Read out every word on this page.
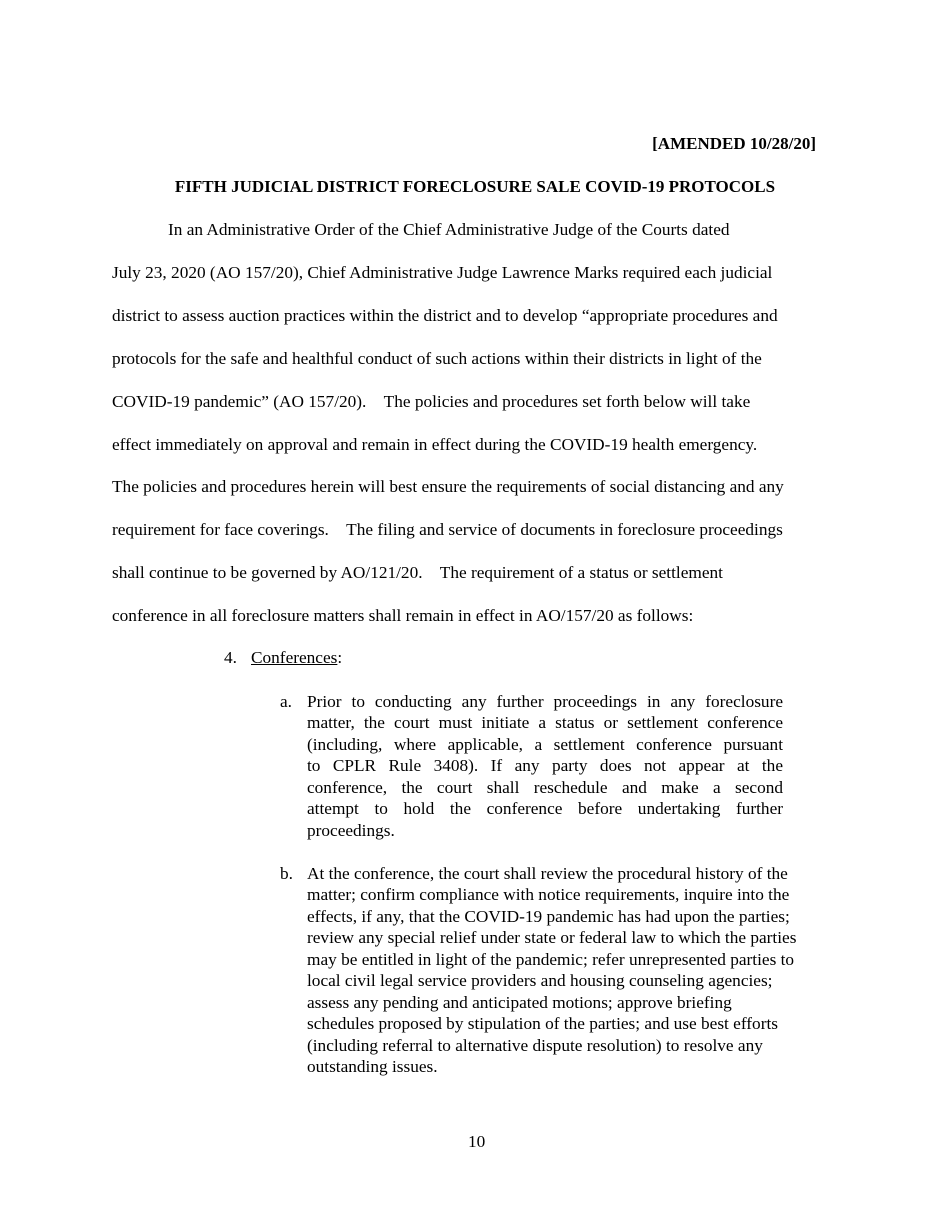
[AMENDED 10/28/20]
FIFTH JUDICIAL DISTRICT FORECLOSURE SALE COVID-19 PROTOCOLS
In an Administrative Order of the Chief Administrative Judge of the Courts dated
July 23, 2020 (AO 157/20), Chief Administrative Judge Lawrence Marks required each judicial
district to assess auction practices within the district and to develop “appropriate procedures and
protocols for the safe and healthful conduct of such actions within their districts in light of the
COVID-19 pandemic” (AO 157/20).    The policies and procedures set forth below will take
effect immediately on approval and remain in effect during the COVID-19 health emergency.
The policies and procedures herein will best ensure the requirements of social distancing and any
requirement for face coverings.    The filing and service of documents in foreclosure proceedings
shall continue to be governed by AO/121/20.    The requirement of a status or settlement
conference in all foreclosure matters shall remain in effect in AO/157/20 as follows:
4. Conferences:
a. Prior to conducting any further proceedings in any foreclosure
matter, the court must initiate a status or settlement conference
(including, where applicable, a settlement conference pursuant
to CPLR Rule 3408). If any party does not appear at the
conference, the court shall reschedule and make a second
attempt to hold the conference before undertaking further
proceedings.
b. At the conference, the court shall review the procedural history of the
matter; confirm compliance with notice requirements, inquire into the
effects, if any, that the COVID-19 pandemic has had upon the parties;
review any special relief under state or federal law to which the parties
may be entitled in light of the pandemic; refer unrepresented parties to
local civil legal service providers and housing counseling agencies;
assess any pending and anticipated motions; approve briefing
schedules proposed by stipulation of the parties; and use best efforts
(including referral to alternative dispute resolution) to resolve any
outstanding issues.
10
